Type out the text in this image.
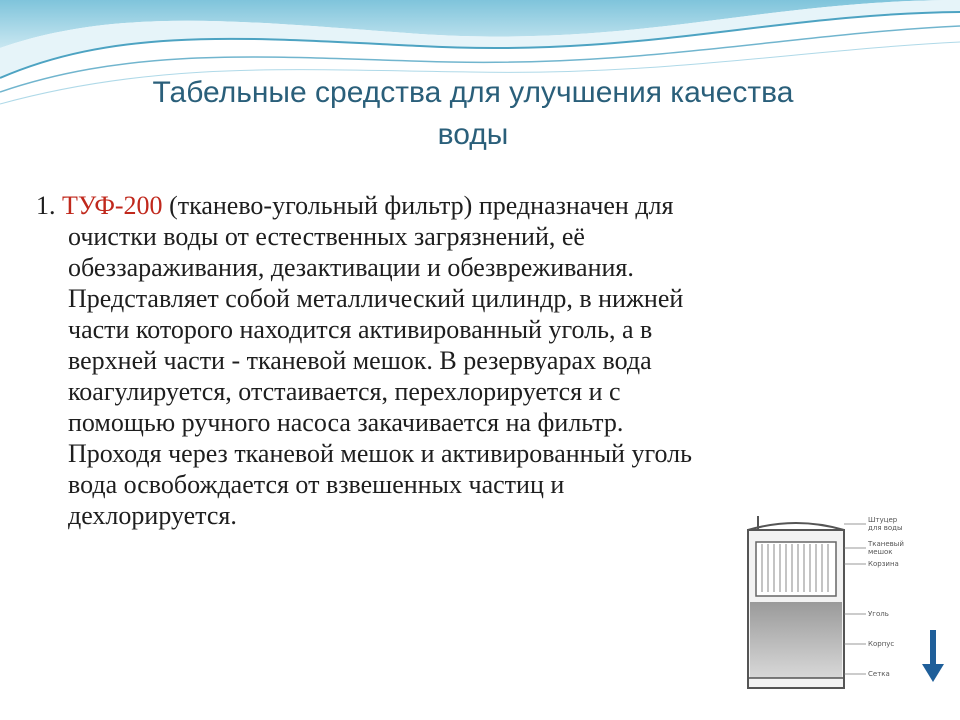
Табельные средства для улучшения качества
воды
1. ТУФ-200 (тканево-угольный фильтр) предназначен для
очистки воды от естественных загрязнений, её
обеззараживания, дезактивации и обезвреживания.
Представляет собой металлический цилиндр, в нижней
части которого находится активированный уголь, а в
верхней части - тканевой мешок. В резервуарах вода
коагулируется, отстаивается, перехлорируется и с
помощью ручного насоса закачивается на фильтр.
Проходя через тканевой мешок и активированный уголь
вода освобождается от взвешенных частиц и
дехлорируется.	Штуцер
для воды
Тканевый
мешок
Корзина
Уголь
Корпус
Сетка
